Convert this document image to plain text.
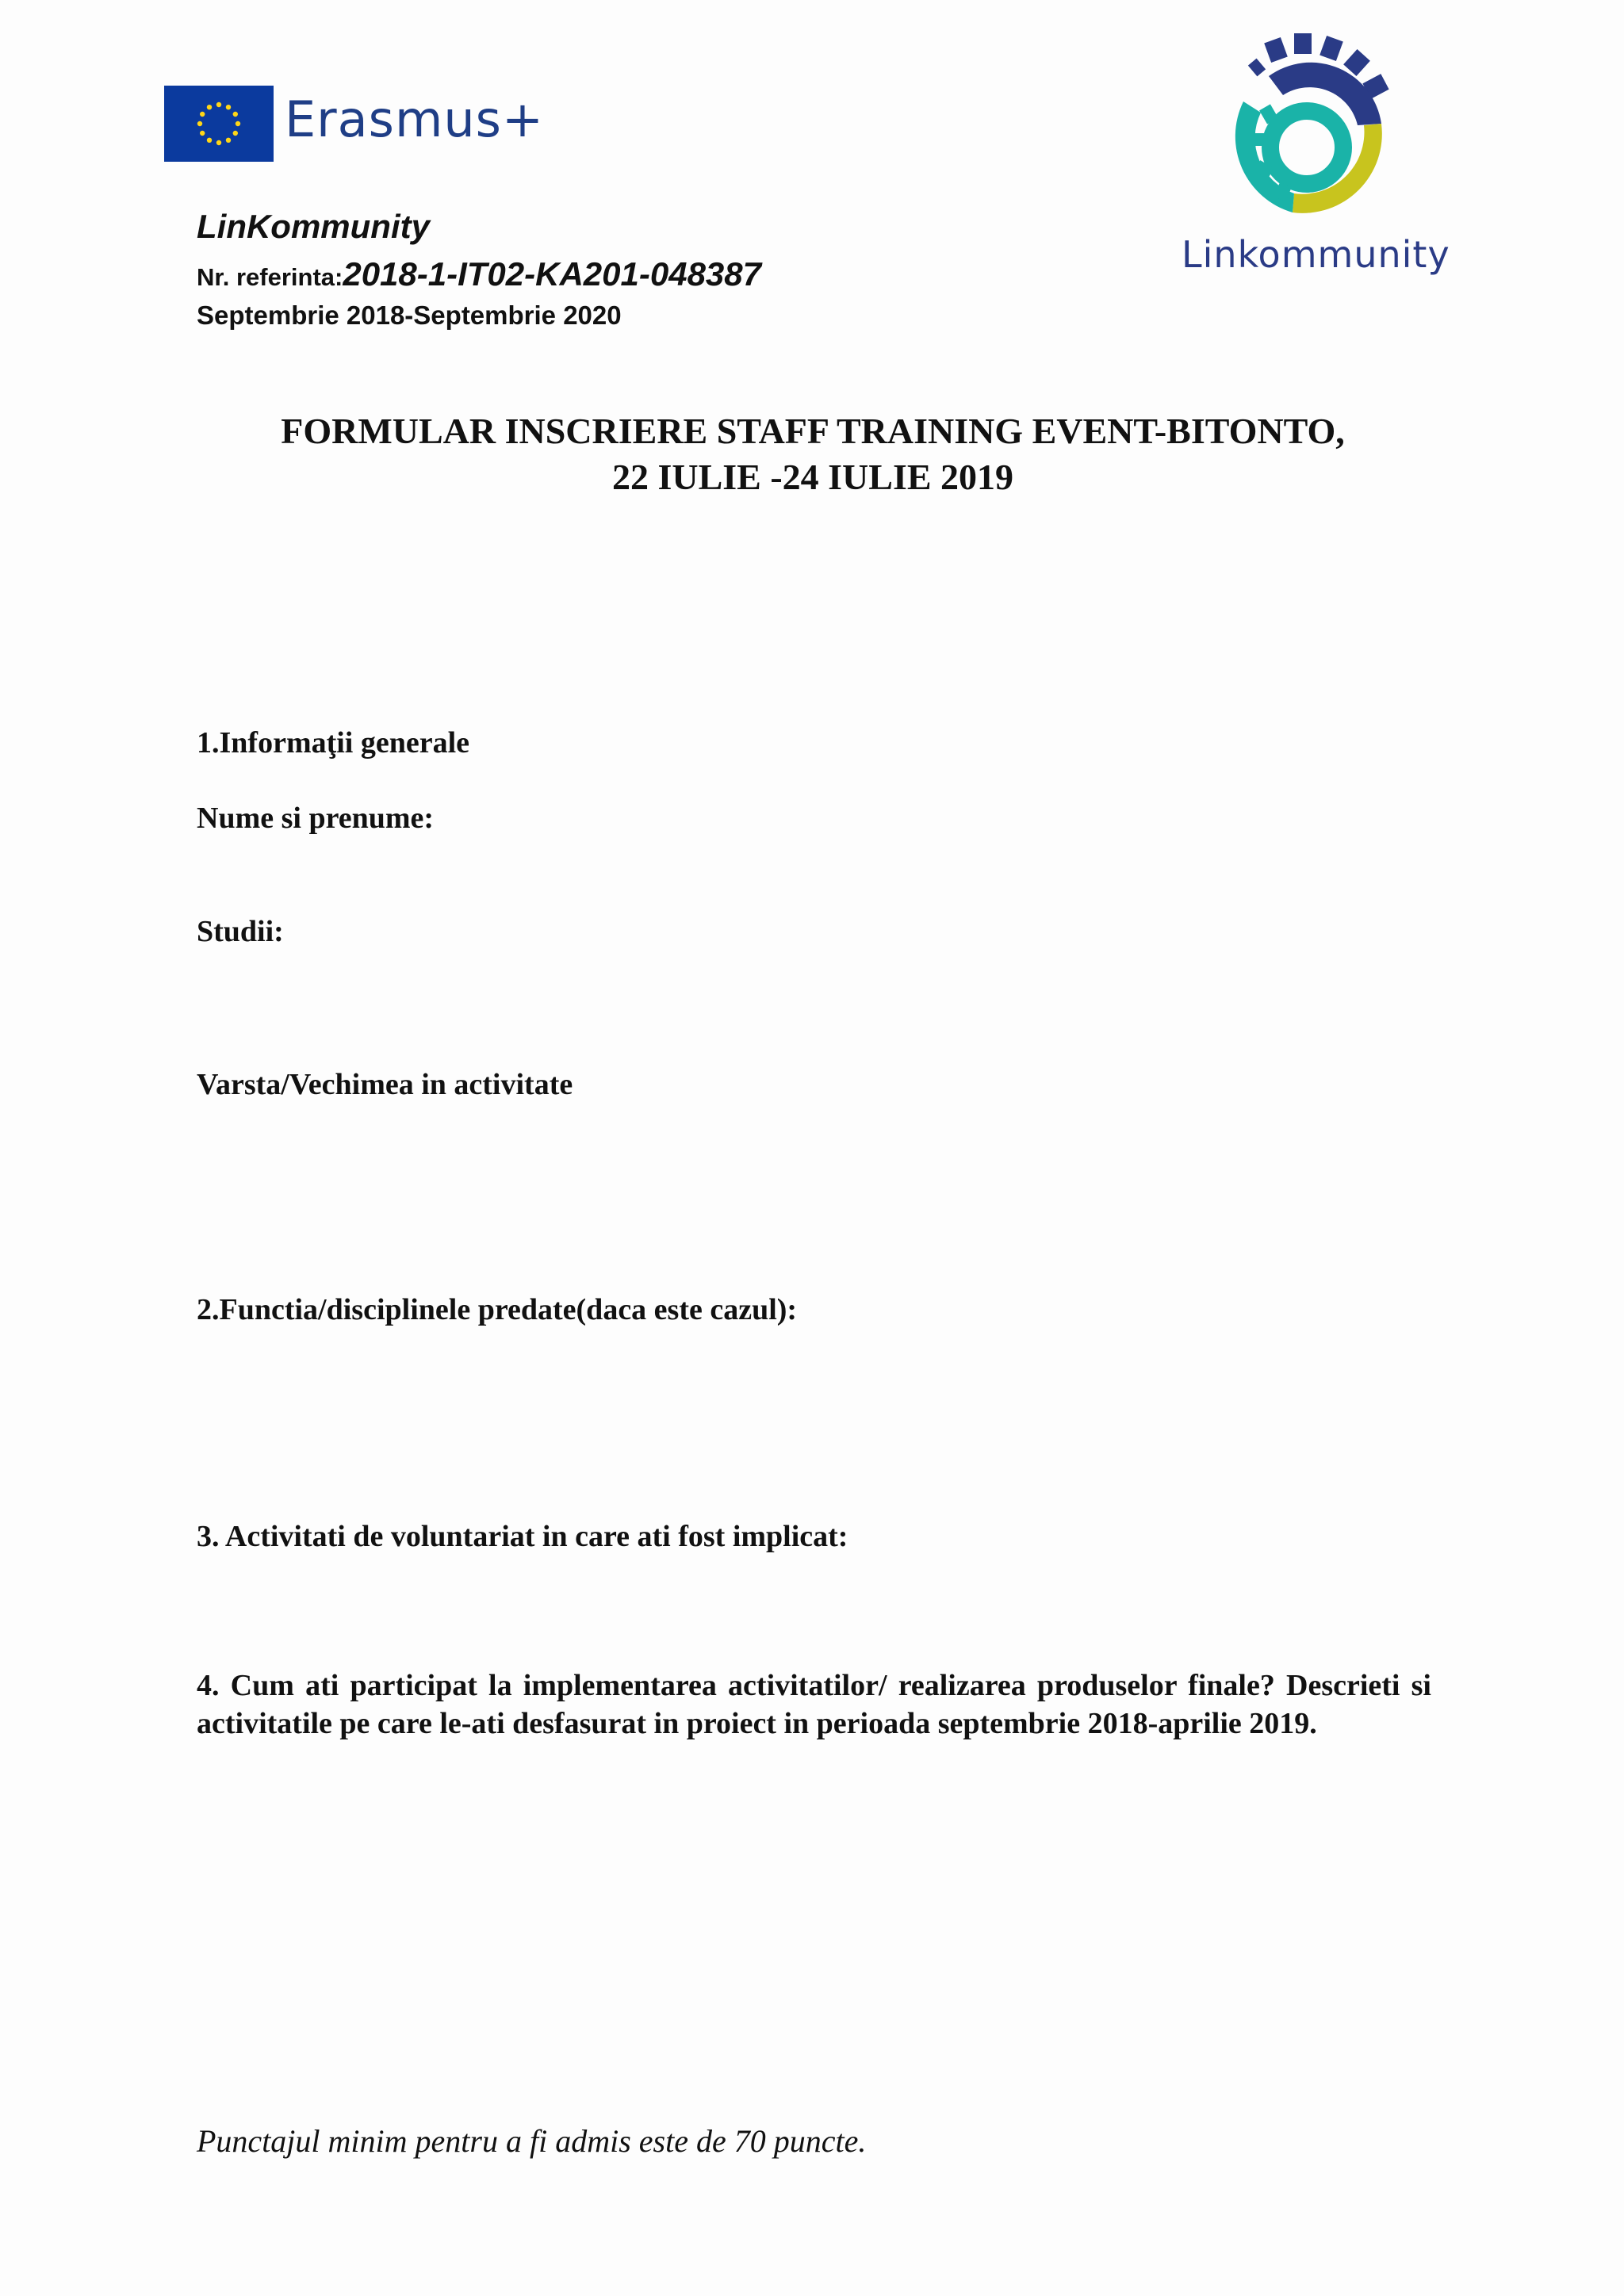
Erasmus+
LinKommunity
Nr. referinta:2018-1-IT02-KA201-048387
Septembrie 2018-Septembrie 2020
Linkommunity
FORMULAR INSCRIERE STAFF TRAINING EVENT-BITONTO,
22 IULIE -24 IULIE 2019
1.Informaţii generale
Nume si prenume:
Studii:
Varsta/Vechimea in activitate
2.Functia/disciplinele predate(daca este cazul):
3. Activitati de voluntariat in care ati fost implicat:
4. Cum ati participat la implementarea activitatilor/ realizarea produselor finale? Descrieti si activitatile pe care le-ati desfasurat in proiect in perioada septembrie 2018-aprilie 2019.
Punctajul minim pentru a fi admis este de 70 puncte.
